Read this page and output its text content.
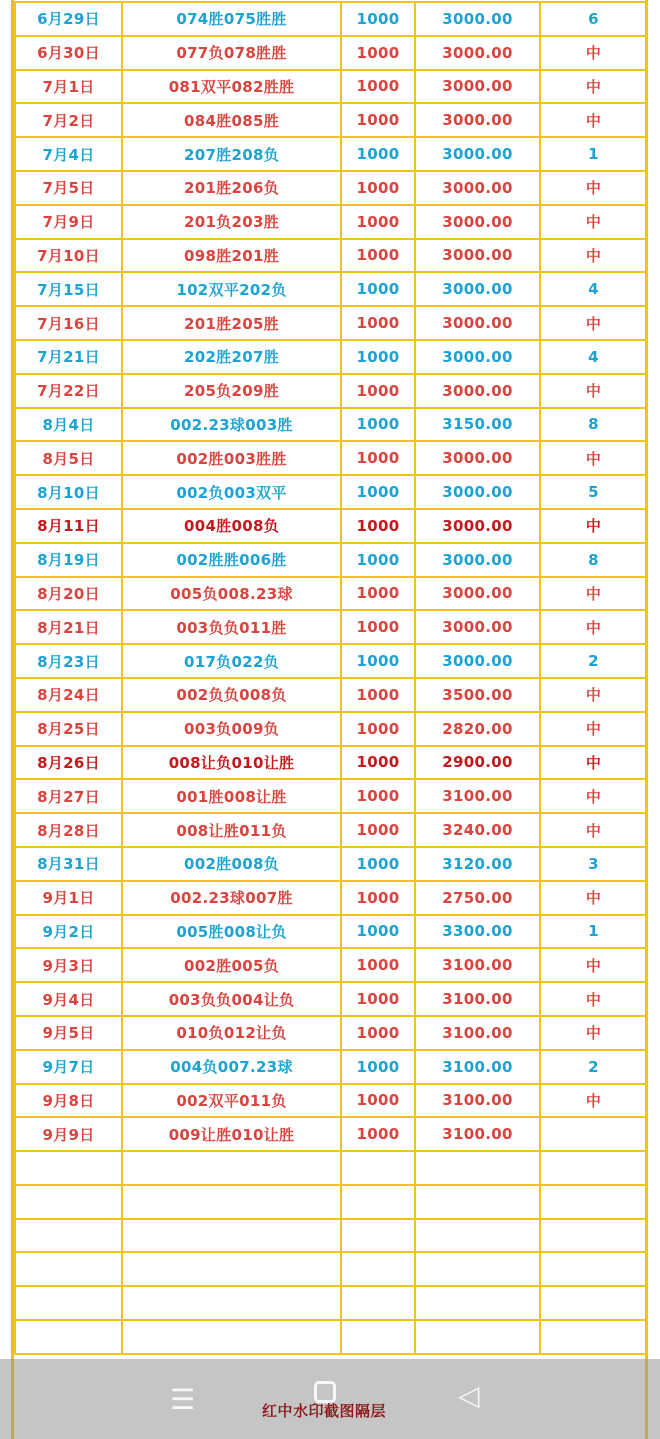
6月29日	074胜075胜胜	1000	3000.00	6
6月30日	077负078胜胜	1000	3000.00	中
7月1日	081双平082胜胜	1000	3000.00	中
7月2日	084胜085胜	1000	3000.00	中
7月4日	207胜208负	1000	3000.00	1
7月5日	201胜206负	1000	3000.00	中
7月9日	201负203胜	1000	3000.00	中
7月10日	098胜201胜	1000	3000.00	中
7月15日	102双平202负	1000	3000.00	4
7月16日	201胜205胜	1000	3000.00	中
7月21日	202胜207胜	1000	3000.00	4
7月22日	205负209胜	1000	3000.00	中
8月4日	002.23球003胜	1000	3150.00	8
8月5日	002胜003胜胜	1000	3000.00	中
8月10日	002负003双平	1000	3000.00	5
8月11日	004胜008负	1000	3000.00	中
8月19日	002胜胜006胜	1000	3000.00	8
8月20日	005负008.23球	1000	3000.00	中
8月21日	003负负011胜	1000	3000.00	中
8月23日	017负022负	1000	3000.00	2
8月24日	002负负008负	1000	3500.00	中
8月25日	003负009负	1000	2820.00	中
8月26日	008让负010让胜	1000	2900.00	中
8月27日	001胜008让胜	1000	3100.00	中
8月28日	008让胜011负	1000	3240.00	中
8月31日	002胜008负	1000	3120.00	3
9月1日	002.23球007胜	1000	2750.00	中
9月2日	005胜008让负	1000	3300.00	1
9月3日	002胜005负	1000	3100.00	中
9月4日	003负负004让负	1000	3100.00	中
9月5日	010负012让负	1000	3100.00	中
9月7日	004负007.23球	1000	3100.00	2
9月8日	002双平011负	1000	3100.00	中
9月9日	009让胜010让胜	1000	3100.00	

☰	◁
红中水印截图隔层
